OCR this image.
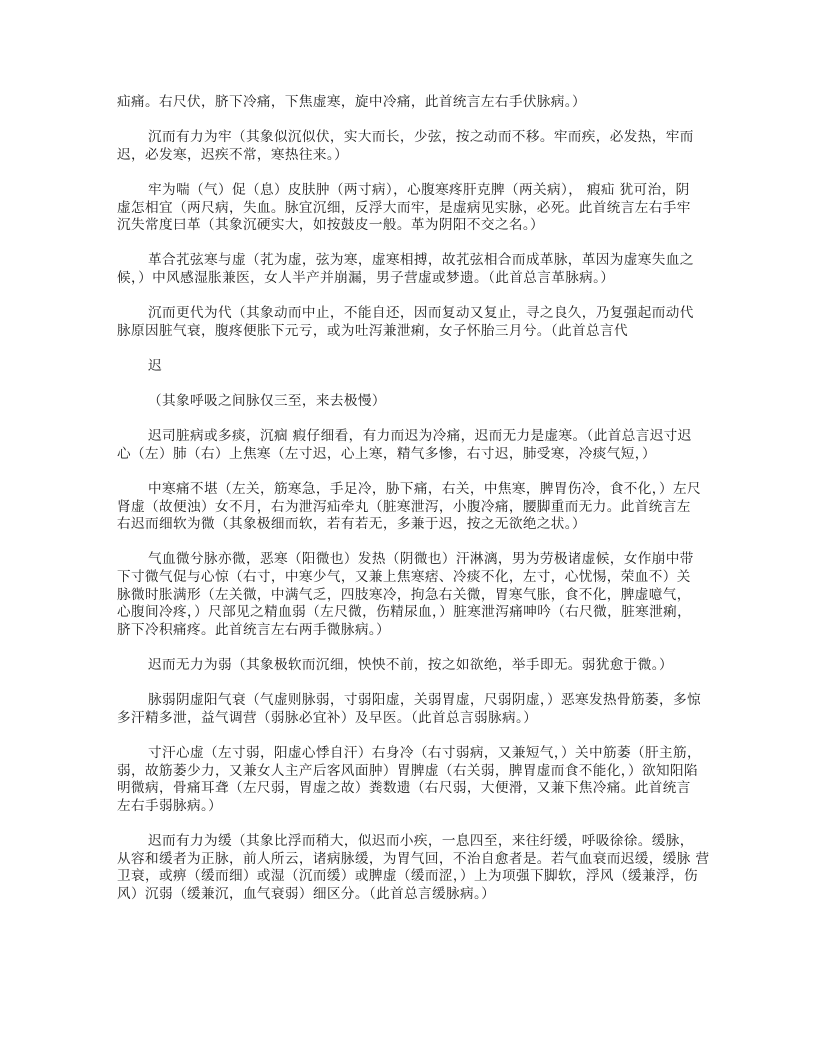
疝痛。右尺伏，脐下冷痛，下焦虚寒，旋中冷痛，此首统言左右手伏脉病。）
沉而有力为牢（其象似沉似伏，实大而长，少弦，按之动而不移。牢而疾，必发热，牢而
迟，必发寒，迟疾不常，寒热往来。）
牢为喘（气）促（息）皮肤肿（两寸病），心腹寒疼肝克脾（两关病）， 瘕疝 犹可治，阴
虚怎相宜（两尺病，失血。脉宜沉细，反浮大而牢，是虚病见实脉，必死。此首统言左右手牢
沉失常度曰革（其象沉硬实大，如按鼓皮一般。革为阴阳不交之名。）
革合芤弦寒与虚（芤为虚，弦为寒，虚寒相搏，故芤弦相合而成革脉，革因为虚寒失血之
候，）中风感湿胀兼医，女人半产并崩漏，男子营虚或梦遗。（此首总言革脉病。）
沉而更代为代（其象动而中止，不能自还，因而复动又复止，寻之良久，乃复强起而动代
脉原因脏气衰，腹疼便胀下元亏，或为吐泻兼泄痢，女子怀胎三月兮。（此首总言代
迟
（其象呼吸之间脉仅三至，来去极慢）
迟司脏病或多痰，沉痼 瘕仔细看，有力而迟为冷痛，迟而无力是虚寒。（此首总言迟寸迟
心（左）肺（右）上焦寒（左寸迟，心上寒，精气多惨，右寸迟，肺受寒，冷痰气短，）
中寒痛不堪（左关，筋寒急，手足冷，胁下痛，右关，中焦寒，脾胃伤冷，食不化，）左尺
肾虚（故便浊）女不月，右为泄泻疝牵丸（脏寒泄泻，小腹冷痛，腰脚重而无力。此首统言左
右迟而细软为微（其象极细而软，若有若无，多兼于迟，按之无欲绝之状。）
气血微兮脉亦微，恶寒（阳微也）发热（阴微也）汗淋漓，男为劳极诸虚候，女作崩中带
下寸微气促与心惊（右寸，中寒少气，又兼上焦寒痞、冷痰不化，左寸，心忧惕，荣血不）关
脉微时胀满形（左关微，中满气乏，四肢寒冷，拘急右关微，胃寒气胀，食不化，脾虚噫气，
心腹间冷疼，）尺部见之精血弱（左尺微，伤精尿血，）脏寒泄泻痛呻吟（右尺微，脏寒泄痢，
脐下冷积痛疼。此首统言左右两手微脉病。）
迟而无力为弱（其象极软而沉细，怏怏不前，按之如欲绝，举手即无。弱犹愈于微。）
脉弱阴虚阳气衰（气虚则脉弱，寸弱阳虚，关弱胃虚，尺弱阴虚，）恶寒发热骨筋萎，多惊
多汗精多泄，益气调营（弱脉必宜补）及早医。（此首总言弱脉病。）
寸汗心虚（左寸弱，阳虚心悸自汗）右身冷（右寸弱病，又兼短气，）关中筋萎（肝主筋，
弱，故筋萎少力，又兼女人主产后客风面肿）胃脾虚（右关弱，脾胃虚而食不能化，）欲知阳陷
明微病，骨痛耳聋（左尺弱，胃虚之故）粪数遗（右尺弱，大便滑，又兼下焦冷痛。此首统言
左右手弱脉病。）
迟而有力为缓（其象比浮而稍大，似迟而小疾，一息四至，来往纡缓，呼吸徐徐。缓脉，
从容和缓者为正脉，前人所云，诸病脉缓，为胃气回，不治自愈者是。若气血衰而迟缓，缓脉 营
卫衰，或痹（缓而细）或湿（沉而缓）或脾虚（缓而涩，）上为项强下脚软，浮风（缓兼浮，伤
风）沉弱（缓兼沉，血气衰弱）细区分。（此首总言缓脉病。）
